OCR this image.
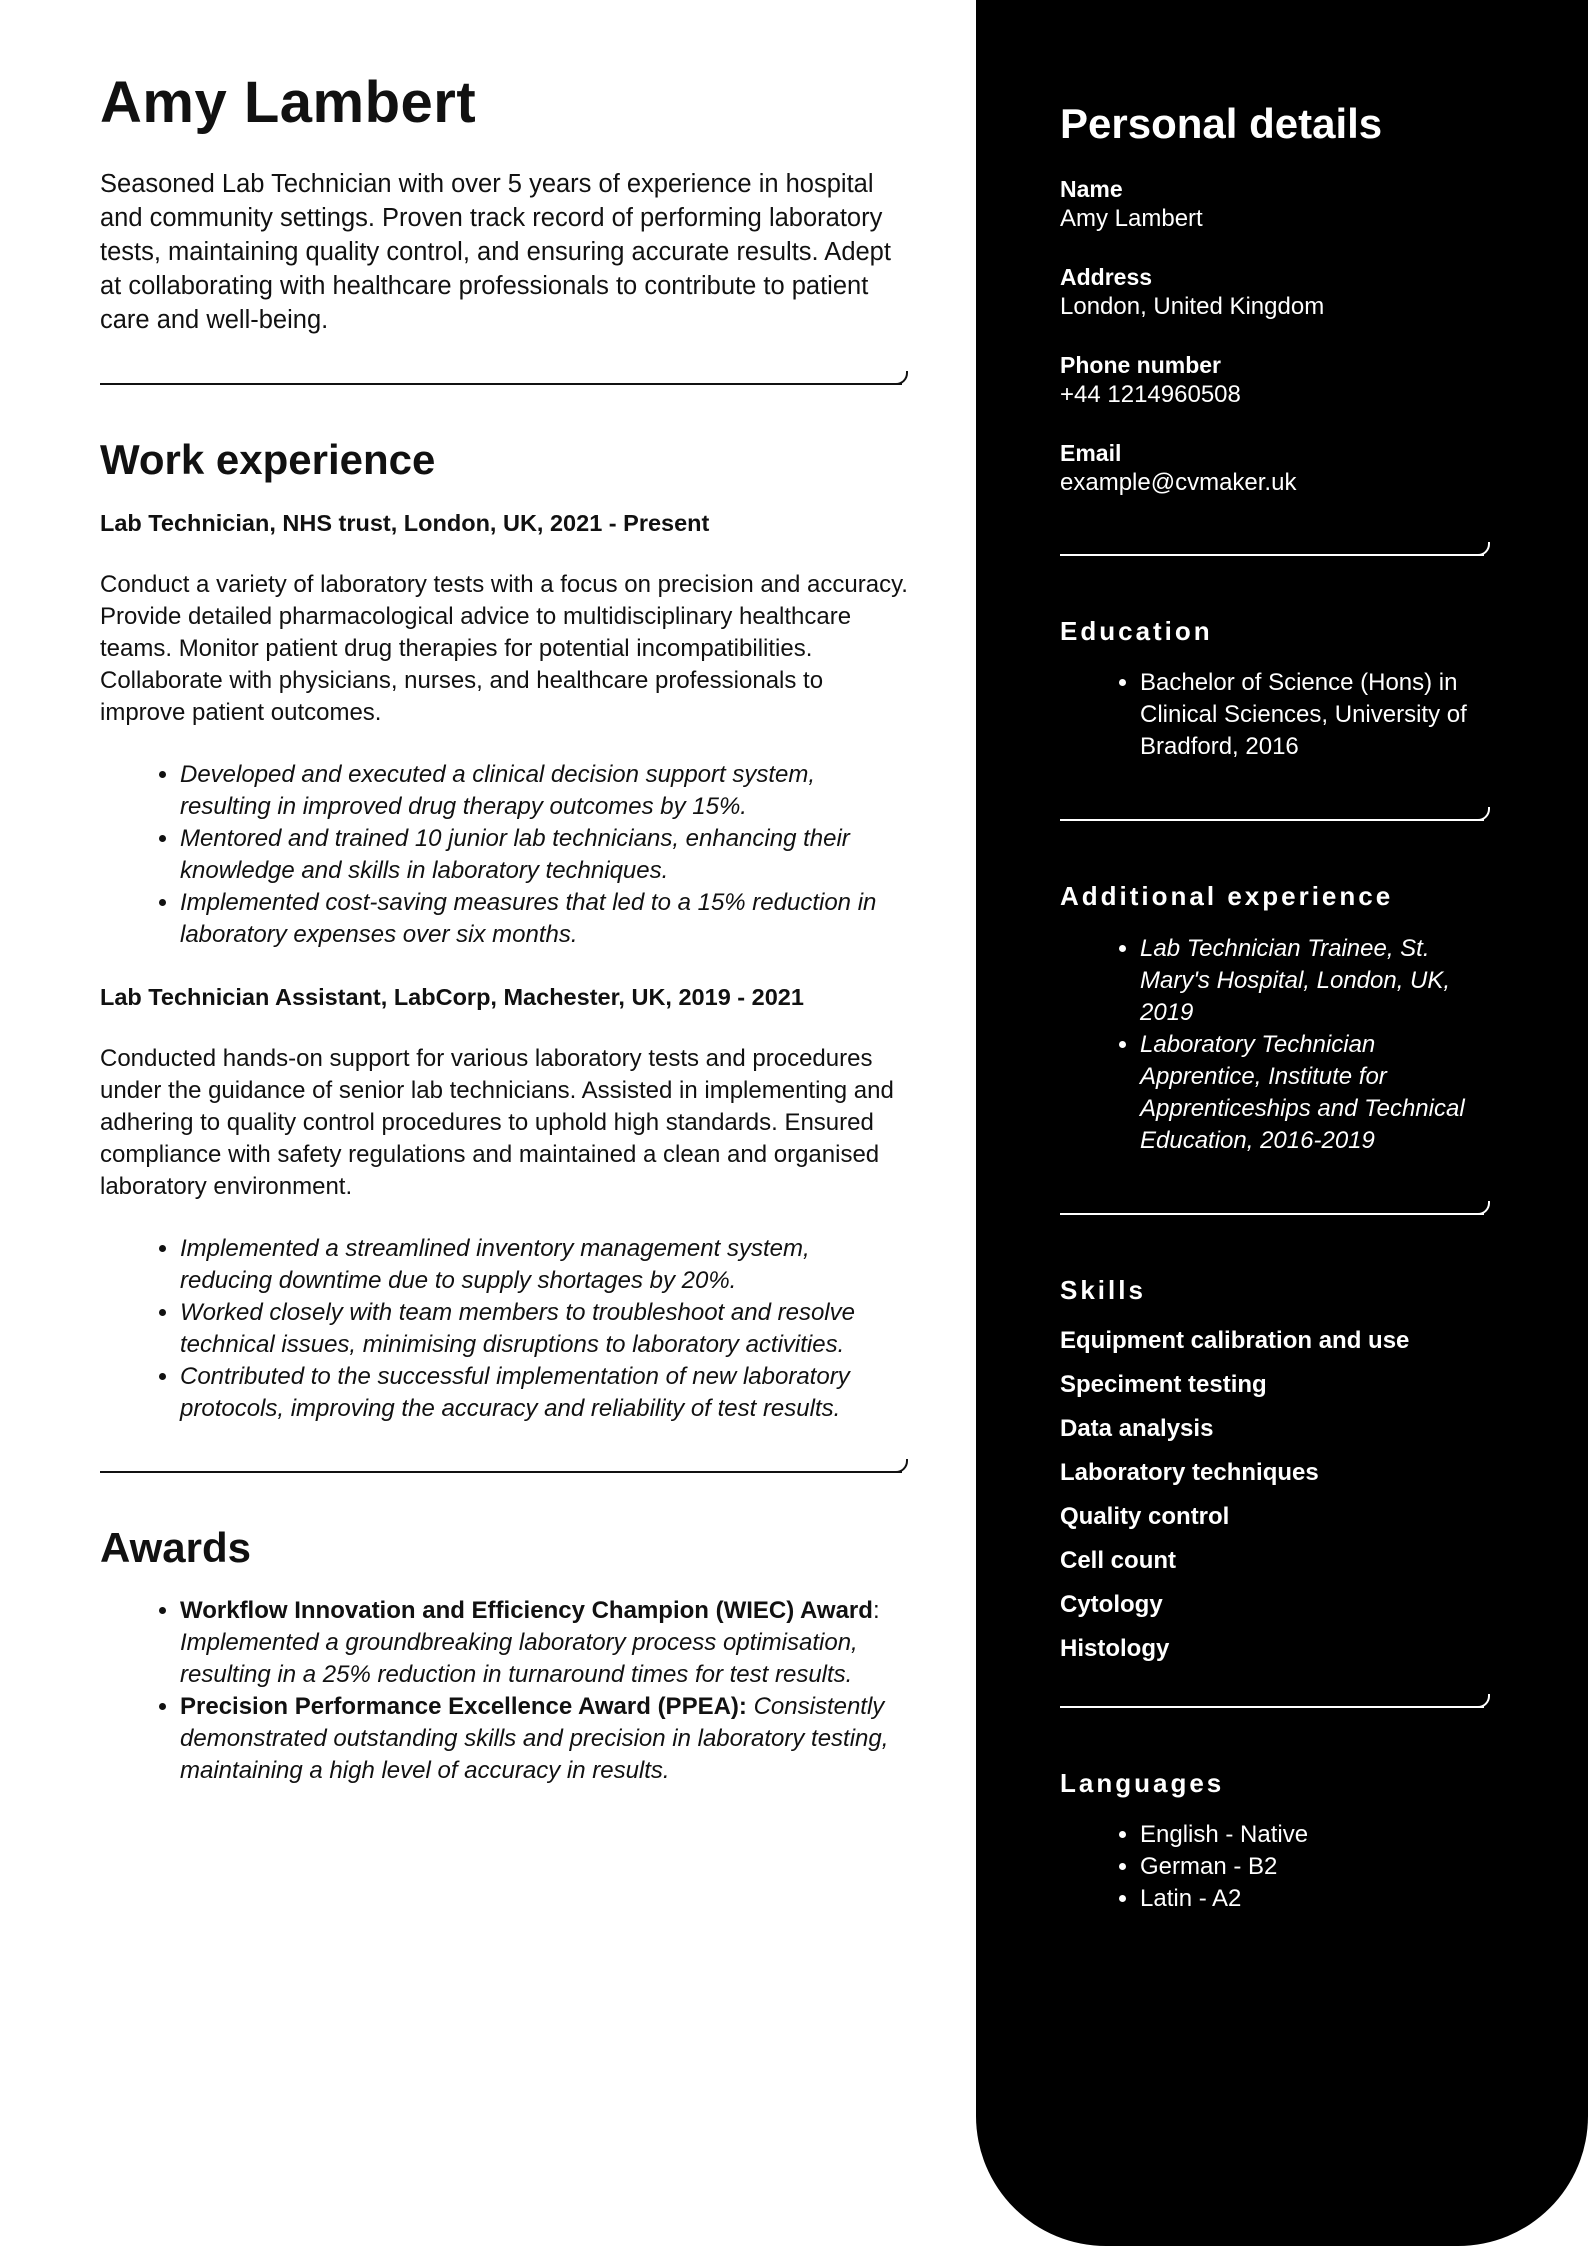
Amy Lambert

Seasoned Lab Technician with over 5 years of experience in hospital and community settings. Proven track record of performing laboratory tests, maintaining quality control, and ensuring accurate results. Adept at collaborating with healthcare professionals to contribute to patient care and well-being.

Work experience
Lab Technician, NHS trust, London, UK, 2021 - Present

Conduct a variety of laboratory tests with a focus on precision and accuracy. Provide detailed pharmacological advice to multidisciplinary healthcare teams. Monitor patient drug therapies for potential incompatibilities. Collaborate with physicians, nurses, and healthcare professionals to improve patient outcomes.

• Developed and executed a clinical decision support system, resulting in improved drug therapy outcomes by 15%.
• Mentored and trained 10 junior lab technicians, enhancing their knowledge and skills in laboratory techniques.
• Implemented cost-saving measures that led to a 15% reduction in laboratory expenses over six months.
Lab Technician Assistant, LabCorp, Machester, UK, 2019 - 2021

Conducted hands-on support for various laboratory tests and procedures under the guidance of senior lab technicians. Assisted in implementing and adhering to quality control procedures to uphold high standards. Ensured compliance with safety regulations and maintained a clean and organised laboratory environment.

• Implemented a streamlined inventory management system, reducing downtime due to supply shortages by 20%.
• Worked closely with team members to troubleshoot and resolve technical issues, minimising disruptions to laboratory activities.
• Contributed to the successful implementation of new laboratory protocols, improving the accuracy and reliability of test results.
Awards
• Workflow Innovation and Efficiency Champion (WIEC) Award: Implemented a groundbreaking laboratory process optimisation, resulting in a 25% reduction in turnaround times for test results.
• Precision Performance Excellence Award (PPEA): Consistently demonstrated outstanding skills and precision in laboratory testing, maintaining a high level of accuracy in results.
Personal details
Name
Amy Lambert
Address
London, United Kingdom
Phone number
+44 1214960508
Email
example@cvmaker.uk
Education
• Bachelor of Science (Hons) in Clinical Sciences, University of Bradford, 2016
Additional experience
• Lab Technician Trainee, St. Mary's Hospital, London, UK, 2019
• Laboratory Technician Apprentice, Institute for Apprenticeships and Technical Education, 2016-2019
Skills
Equipment calibration and use
Speciment testing
Data analysis
Laboratory techniques
Quality control
Cell count
Cytology
Histology
Languages
• English - Native
• German - B2
• Latin - A2
